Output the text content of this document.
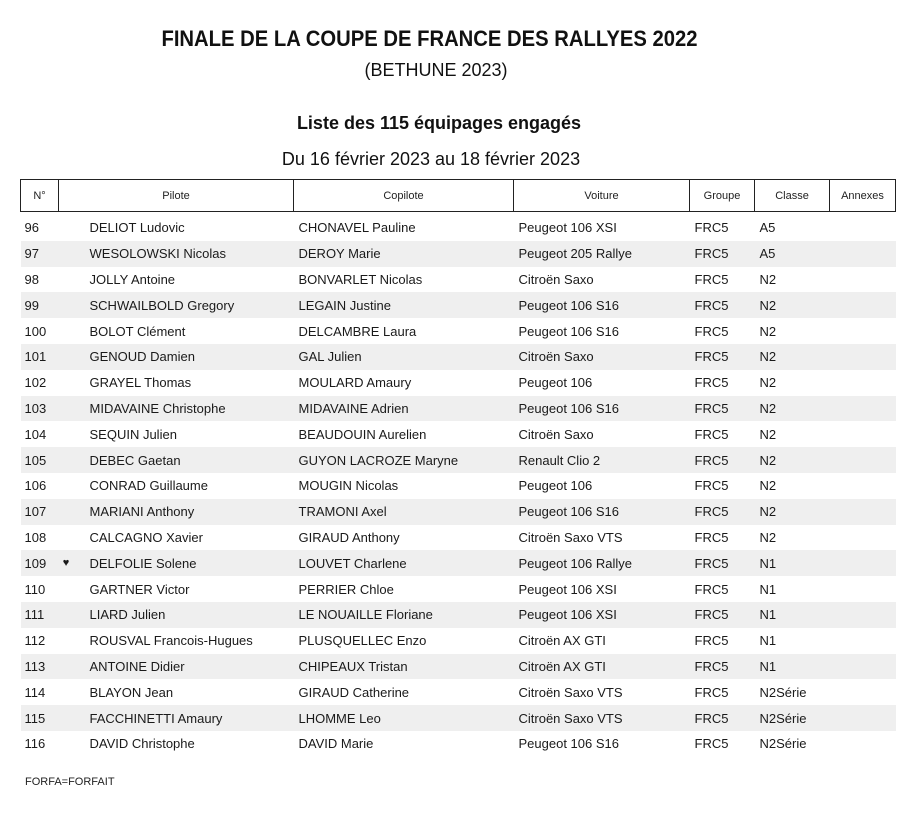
FINALE DE LA COUPE DE FRANCE DES RALLYES 2022
(BETHUNE 2023)
Liste des 115 équipages engagés
Du 16 février 2023 au 18 février 2023
N°	Pilote		Copilote	Voiture	Groupe	Classe	Annexes
96		DELIOT Ludovic	CHONAVEL Pauline	Peugeot 106 XSI	FRC5	A5	
97		WESOLOWSKI Nicolas	DEROY Marie	Peugeot 205 Rallye	FRC5	A5	
98		JOLLY Antoine	BONVARLET Nicolas	Citroën Saxo	FRC5	N2	
99		SCHWAILBOLD Gregory	LEGAIN Justine	Peugeot 106 S16	FRC5	N2	
100		BOLOT Clément	DELCAMBRE Laura	Peugeot 106 S16	FRC5	N2	
101		GENOUD Damien	GAL Julien	Citroën Saxo	FRC5	N2	
102		GRAYEL Thomas	MOULARD Amaury	Peugeot 106	FRC5	N2	
103		MIDAVAINE Christophe	MIDAVAINE Adrien	Peugeot 106 S16	FRC5	N2	
104		SEQUIN Julien	BEAUDOUIN Aurelien	Citroën Saxo	FRC5	N2	
105		DEBEC Gaetan	GUYON LACROZE Maryne	Renault Clio 2	FRC5	N2	
106		CONRAD Guillaume	MOUGIN Nicolas	Peugeot 106	FRC5	N2	
107		MARIANI Anthony	TRAMONI Axel	Peugeot 106 S16	FRC5	N2	
108		CALCAGNO Xavier	GIRAUD Anthony	Citroën Saxo VTS	FRC5	N2	
109	♥	DELFOLIE Solene	LOUVET Charlene	Peugeot 106 Rallye	FRC5	N1	
110		GARTNER Victor	PERRIER Chloe	Peugeot 106 XSI	FRC5	N1	
111		LIARD Julien	LE NOUAILLE Floriane	Peugeot 106 XSI	FRC5	N1	
112		ROUSVAL Francois-Hugues	PLUSQUELLEC Enzo	Citroën AX GTI	FRC5	N1	
113		ANTOINE Didier	CHIPEAUX Tristan	Citroën AX GTI	FRC5	N1	
114		BLAYON Jean	GIRAUD Catherine	Citroën Saxo VTS	FRC5	N2Série	
115		FACCHINETTI Amaury	LHOMME Leo	Citroën Saxo VTS	FRC5	N2Série	
116		DAVID Christophe	DAVID Marie	Peugeot 106 S16	FRC5	N2Série	
FORFA=FORFAIT
